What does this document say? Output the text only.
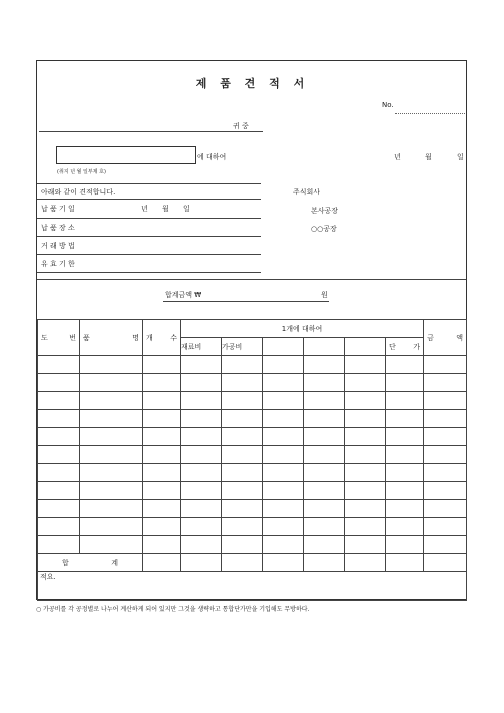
제 품 견 적 서
No.
귀 중
에 대하여
(취지 년 월 일부제 호)
년	월	일
아래와 같이 견적합니다.	주식회사
본사공장
○○공장
납 품 기 일	년 월 일
납 품 장 소
거 래 방 법
유 효 기 한
합계금액 ₩	원
도 번	품 명	개 수	1개에 대하여						금 액

			재료비	가공비				단 가	

합 계									

적요.									
○ 가공비를 각 공정별로 나누어 계산하게 되어 있지만 그것을 생략하고 통합단가만을 기입해도 무방하다.
